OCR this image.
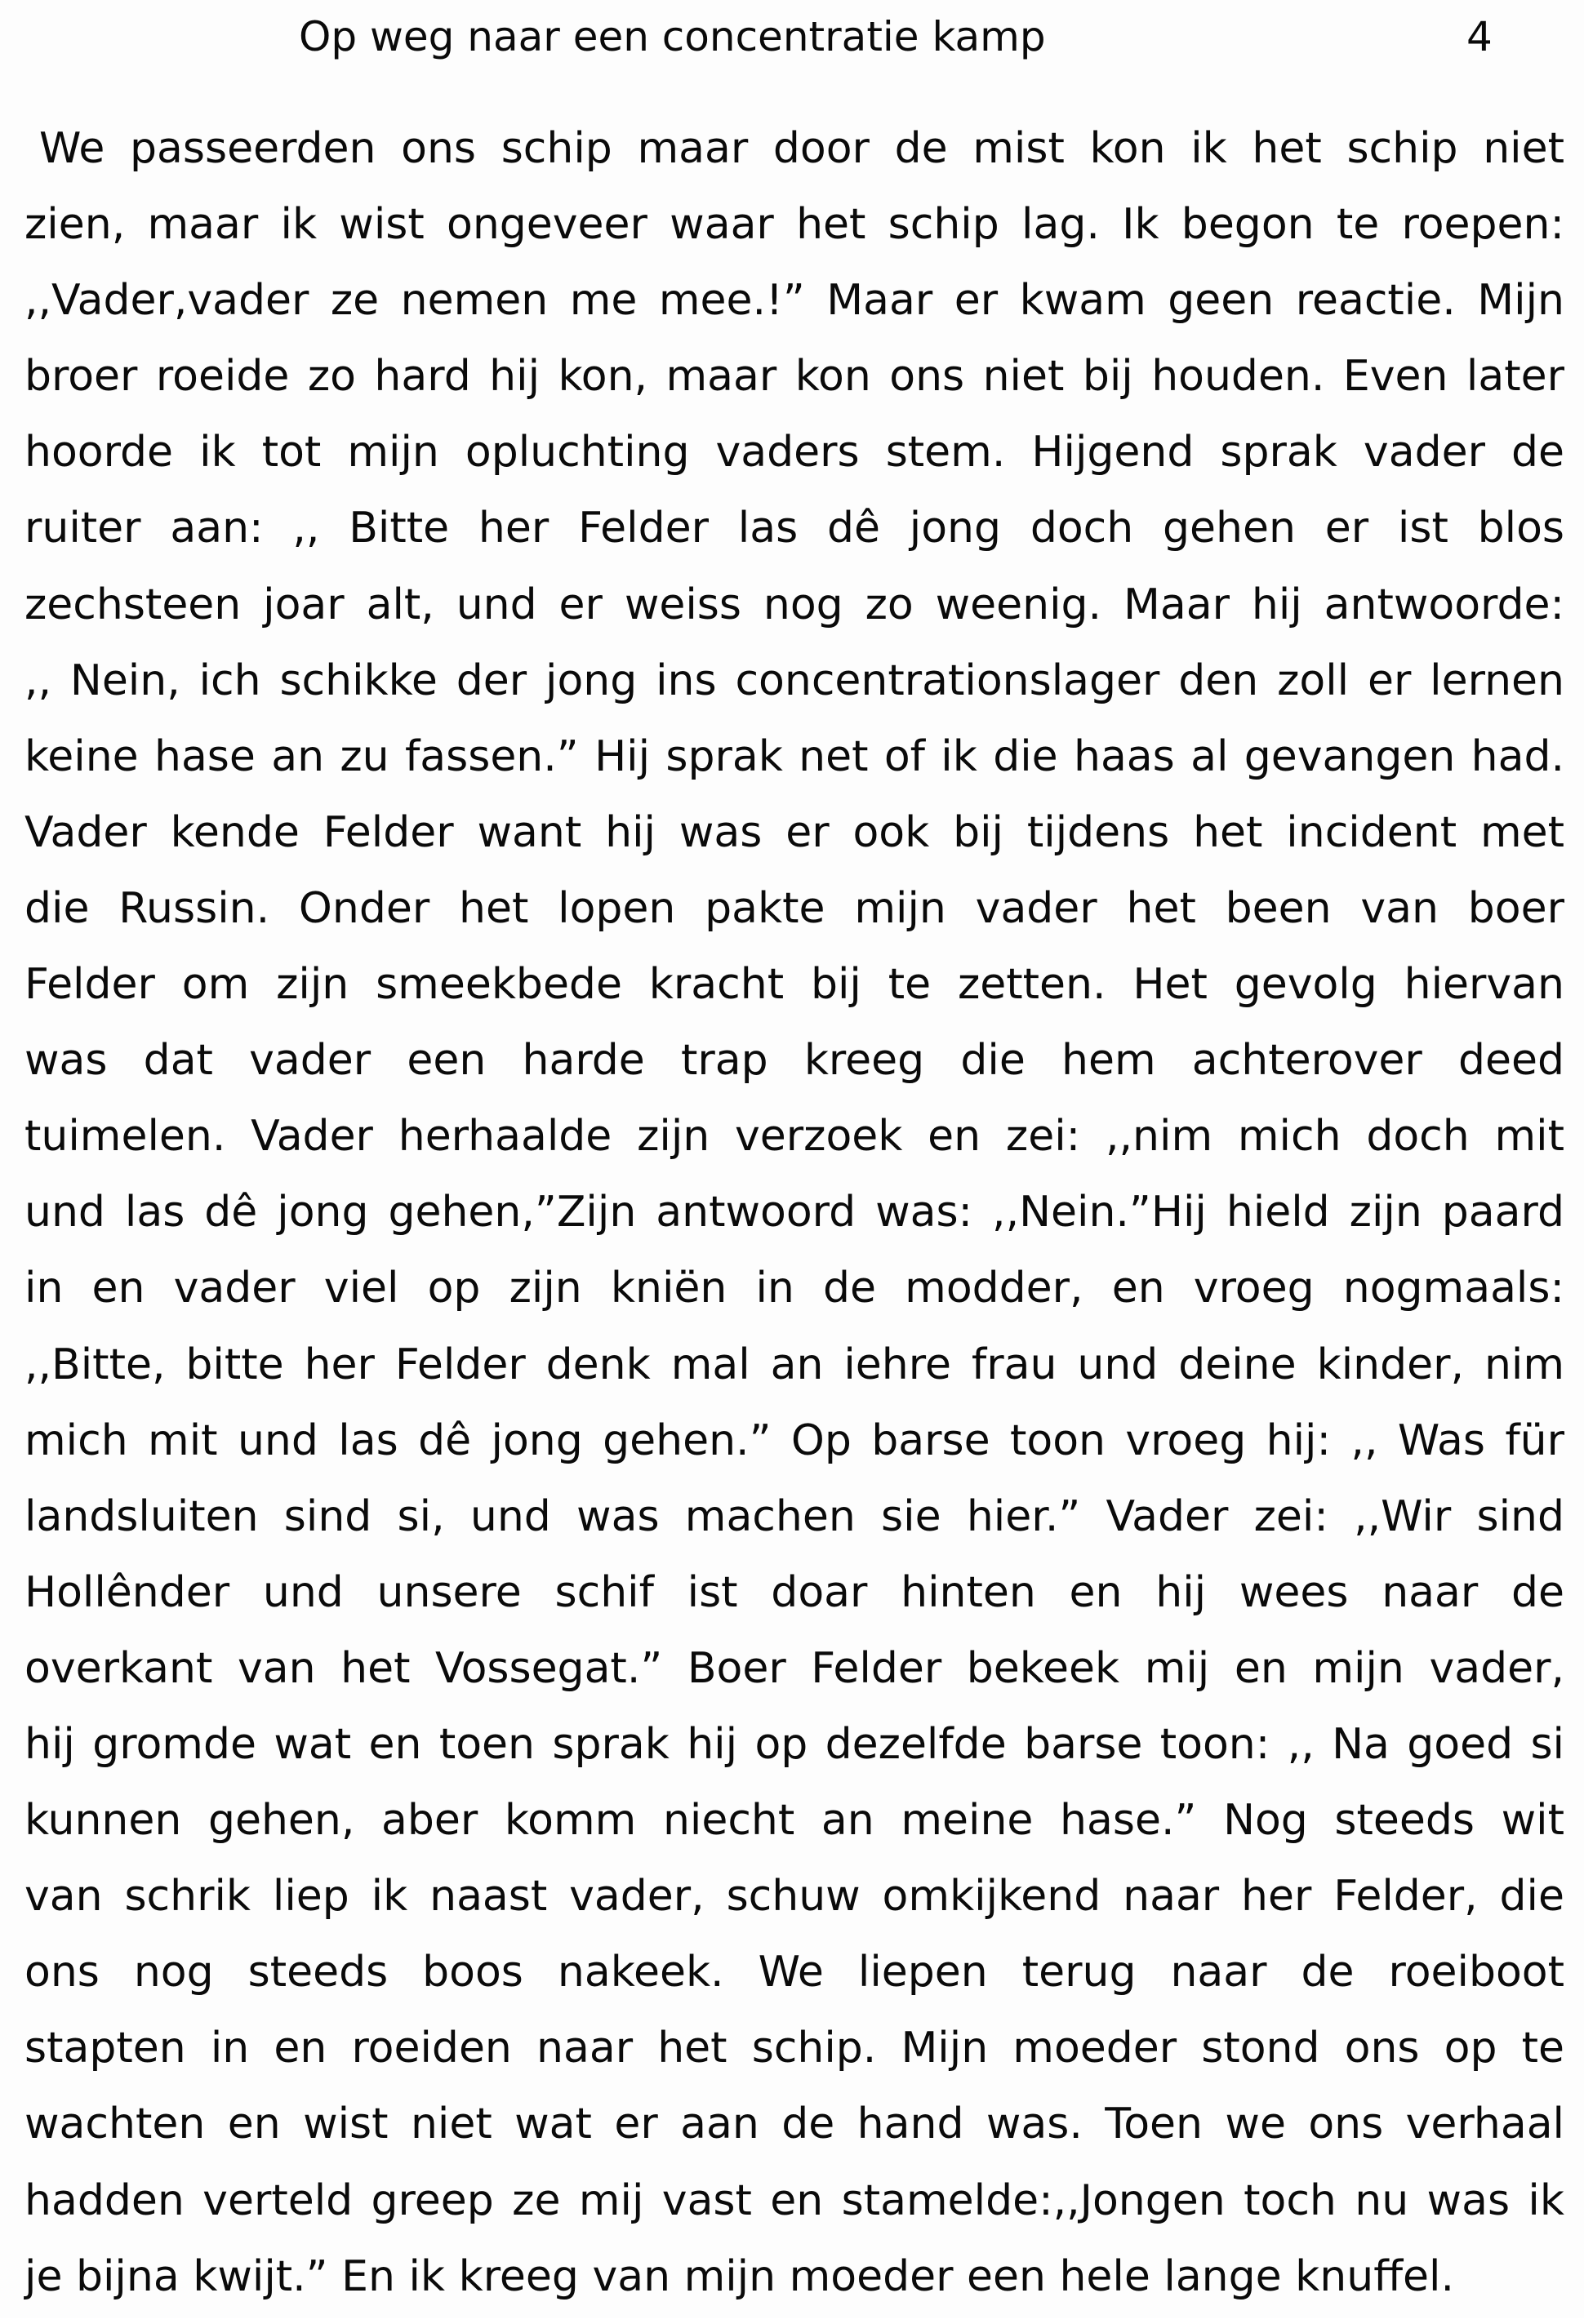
Op weg naar een concentratie kamp	4
We passeerden ons schip maar door de mist kon ik het schip niet
zien, maar ik wist ongeveer waar het schip lag. Ik begon te roepen:
,,Vader,vader ze nemen me mee.!” Maar er kwam geen reactie. Mijn
broer roeide zo hard hij kon, maar kon ons niet bij houden. Even later
hoorde ik tot mijn opluchting vaders stem. Hijgend sprak vader de
ruiter aan: ,, Bitte her Felder las dê jong doch gehen er ist blos
zechsteen joar alt, und er weiss nog zo weenig. Maar hij antwoorde:
,, Nein, ich schikke der jong ins concentrationslager den zoll er lernen
keine hase an zu fassen.” Hij sprak net of ik die haas al gevangen had.
Vader kende Felder want hij was er ook bij tijdens het incident met
die Russin. Onder het lopen pakte mijn vader het been van boer
Felder om zijn smeekbede kracht bij te zetten. Het gevolg hiervan
was dat vader een harde trap kreeg die hem achterover deed
tuimelen. Vader herhaalde zijn verzoek en zei: ,,nim mich doch mit
und las dê jong gehen,”Zijn antwoord was: ,,Nein.”Hij hield zijn paard
in en vader viel op zijn kniën in de modder, en vroeg nogmaals:
,,Bitte, bitte her Felder denk mal an iehre frau und deine kinder, nim
mich mit und las dê jong gehen.” Op barse toon vroeg hij: ,, Was für
landsluiten sind si, und was machen sie hier.” Vader zei: ,,Wir sind
Hollênder und unsere schif ist doar hinten en hij wees naar de
overkant van het Vossegat.” Boer Felder bekeek mij en mijn vader,
hij gromde wat en toen sprak hij op dezelfde barse toon: ,, Na goed si
kunnen gehen, aber komm niecht an meine hase.” Nog steeds wit
van schrik liep ik naast vader, schuw omkijkend naar her Felder, die
ons nog steeds boos nakeek. We liepen terug naar de roeiboot
stapten in en roeiden naar het schip. Mijn moeder stond ons op te
wachten en wist niet wat er aan de hand was. Toen we ons verhaal
hadden verteld greep ze mij vast en stamelde:,,Jongen toch nu was ik
je bijna kwijt.” En ik kreeg van mijn moeder een hele lange knuffel.
